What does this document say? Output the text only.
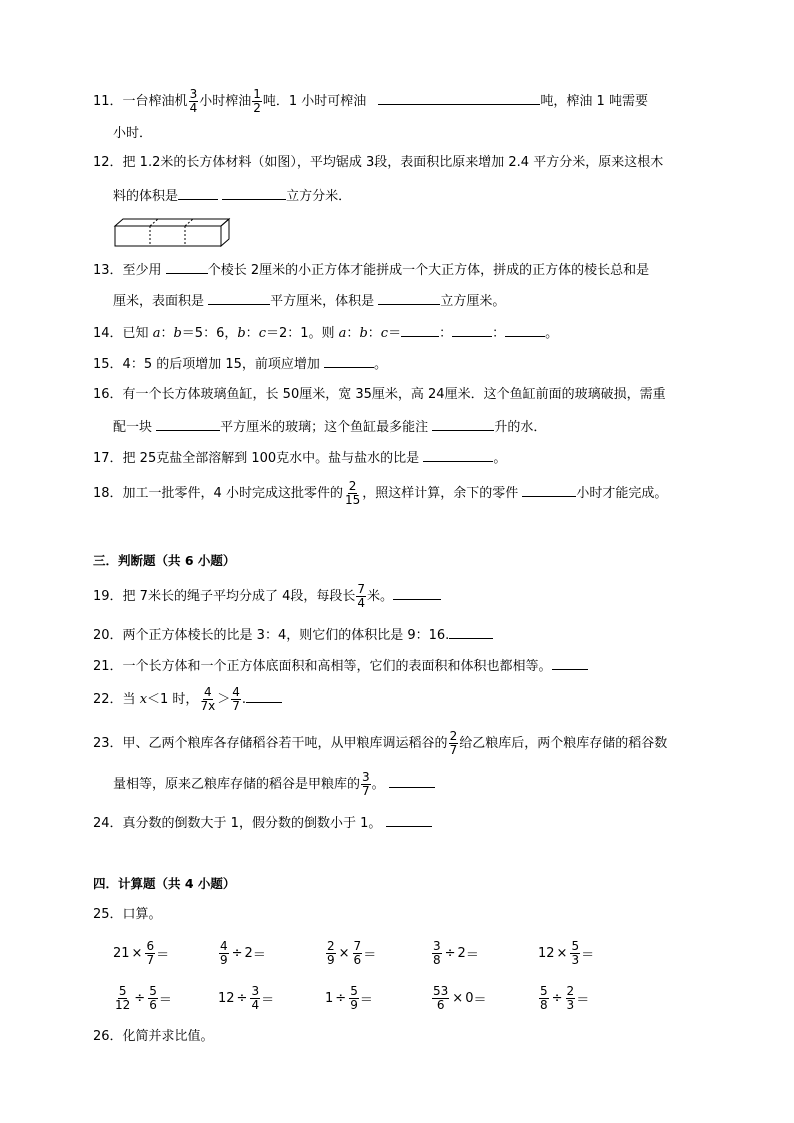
11．一台榨油机 $\frac{3}{4}$ 小时榨油 $\frac{1}{2}$ 吨．1 小时可榨油	吨，榨油 1 吨需要
小时．
12．把 1.2米的长方体材料（如图），平均锯成 3段，表面积比原来增加 2.4 平方分米，原来这根木
料的体积是	立方分米．
13．至少用	个棱长 2厘米的小正方体才能拼成一个大正方体，拼成的正方体的棱长总和是
厘米，表面积是	平方厘米，体积是	立方厘米。
14．已知 a：b＝5：6，b：c＝2：1。则 a：b：c＝	：	：	。
15．4：5 的后项增加 15，前项应增加	。
16．有一个长方体玻璃鱼缸，长 50厘米，宽 35厘米，高 24厘米．这个鱼缸前面的玻璃破损，需重
配一块	平方厘米的玻璃；这个鱼缸最多能注	升的水．
17．把 25克盐全部溶解到 100克水中。盐与盐水的比是	。
18．加工一批零件，4 小时完成这批零件的 $\frac{2}{15}$ ，照这样计算，余下的零件	小时才能完成。
三．判断题（共 6 小题）
19．把 7米长的绳子平均分成了 4段，每段长 $\frac{7}{4}$ 米。
20．两个正方体棱长的比是 3：4，则它们的体积比是 9：16.
21．一个长方体和一个正方体底面积和高相等，它们的表面积和体积也都相等。
22．当 x＜1 时， $\frac{4}{7x} > \frac{4}{7}$ .
23．甲、乙两个粮库各存储稻谷若干吨，从甲粮库调运稻谷的 $\frac{2}{7}$ 给乙粮库后，两个粮库存储的稻谷数
量相等，原来乙粮库存储的稻谷是甲粮库的 $\frac{3}{7}$ 。
24．真分数的倒数大于 1，假分数的倒数小于 1。
四．计算题（共 4 小题）
25．口算。
$21 \times \frac{6}{7}$ ＝	$\frac{4}{9} \div 2$ ＝	$\frac{2}{9} \times \frac{7}{6}$ ＝	$\frac{3}{8} \div 2$ ＝	$12 \times \frac{5}{3}$ ＝
$\frac{5}{12} \div \frac{5}{6}$ ＝	$12 \div \frac{3}{4}$ ＝	$1 \div \frac{5}{9}$ ＝	$\frac{53}{6} \times 0$ ＝	$\frac{5}{8} \div \frac{2}{3}$ ＝
26．化简并求比值。
